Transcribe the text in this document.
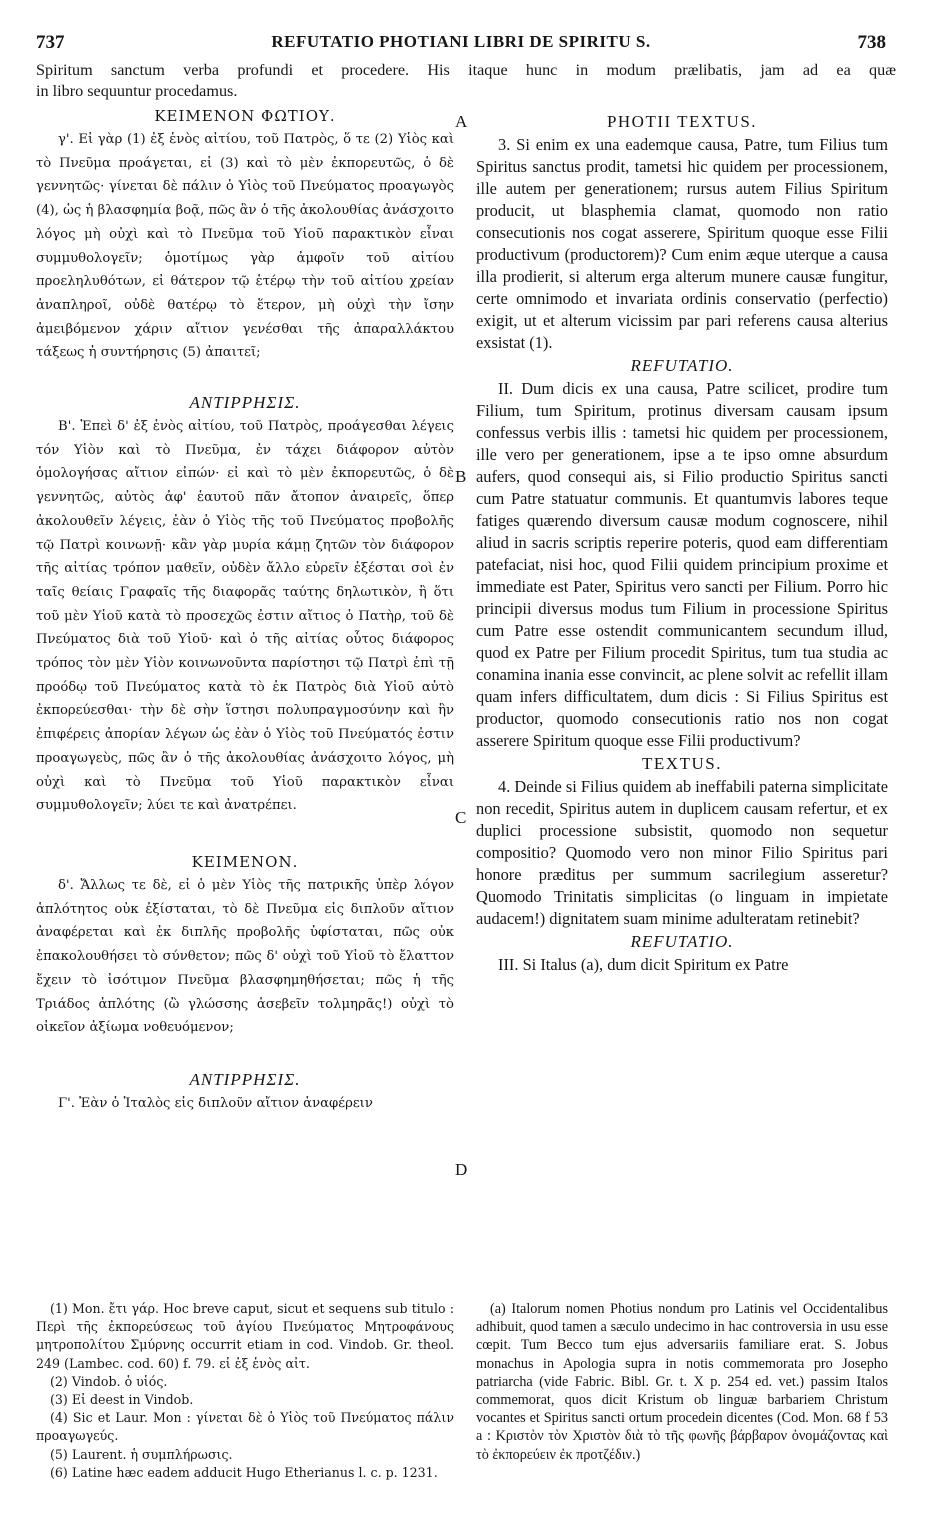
737	REFUTATIO PHOTIANI LIBRI DE SPIRITU S.	738
Spiritum sanctum verba profundi et procedere. His itaque hunc in modum prælibatis, jam ad ea quæ
in libro sequuntur procedamus.
ΚΕΙΜΕΝΟΝ ΦΩΤΙΟΥ.

γ'. Εἰ γὰρ (1) ἐξ ἑνὸς αἰτίου, τοῦ Πατρὸς, ὅ τε (2) Υἱὸς καὶ τὸ Πνεῦμα προάγεται, εἰ (3) καὶ τὸ μὲν ἐκπορευτῶς, ὁ δὲ γεννητῶς· γίνεται δὲ πάλιν ὁ Υἱὸς τοῦ Πνεύματος προαγωγὸς (4), ὡς ἡ βλασφημία βοᾷ, πῶς ἂν ὁ τῆς ἀκολουθίας ἀνάσχοιτο λόγος μὴ οὐχὶ καὶ τὸ Πνεῦμα τοῦ Υἱοῦ παρακτικὸν εἶναι συμμυθολογεῖν; ὁμοτίμως γὰρ ἀμφοῖν τοῦ αἰτίου προεληλυθότων, εἰ θάτερον τῷ ἑτέρῳ τὴν τοῦ αἰτίου χρείαν ἀναπληροῖ, οὐδὲ θατέρῳ τὸ ἕτερον, μὴ οὐχὶ τὴν ἴσην ἀμειβόμενον χάριν αἴτιον γενέσθαι τῆς ἀπαραλλάκτου τάξεως ἡ συντήρησις (5) ἀπαιτεῖ;

ΑΝΤΙΡΡΗΣΙΣ.

Β'. Ἐπεὶ δ' ἐξ ἑνὸς αἰτίου, τοῦ Πατρὸς, προάγεσθαι λέγεις τόν Υἱὸν καὶ τὸ Πνεῦμα, ἐν τάχει διάφορον αὐτὸν ὁμολογήσας αἴτιον εἰπών· εἰ καὶ τὸ μὲν ἐκπορευτῶς, ὁ δὲ γεννητῶς, αὐτὸς ἀφ' ἑαυτοῦ πᾶν ἄτοπον ἀναιρεῖς, ὅπερ ἀκολουθεῖν λέγεις, ἐὰν ὁ Υἱὸς τῆς τοῦ Πνεύματος προβολῆς τῷ Πατρὶ κοινωνῇ· κἂν γὰρ μυρία κάμῃ ζητῶν τὸν διάφορον τῆς αἰτίας τρόπον μαθεῖν, οὐδὲν ἄλλο εὑρεῖν ἐξέσται σοὶ ἐν ταῖς θείαις Γραφαῖς τῆς διαφορᾶς ταύτης δηλωτικὸν, ἢ ὅτι τοῦ μὲν Υἱοῦ κατὰ τὸ προσεχῶς ἐστιν αἴτιος ὁ Πατὴρ, τοῦ δὲ Πνεύματος διὰ τοῦ Υἱοῦ· καὶ ὁ τῆς αἰτίας οὗτος διάφορος τρόπος τὸν μὲν Υἱὸν κοινωνοῦντα παρίστησι τῷ Πατρὶ ἐπὶ τῇ προόδῳ τοῦ Πνεύματος κατὰ τὸ ἐκ Πατρὸς διὰ Υἱοῦ αὐτὸ ἐκπορεύεσθαι· τὴν δὲ σὴν ἵστησι πολυπραγμοσύνην καὶ ἣν ἐπιφέρεις ἀπορίαν λέγων ὡς ἐὰν ὁ Υἱὸς τοῦ Πνεύματός ἐστιν προαγωγεὺς, πῶς ἂν ὁ τῆς ἀκολουθίας ἀνάσχοιτο λόγος, μὴ οὐχὶ καὶ τὸ Πνεῦμα τοῦ Υἱοῦ παρακτικὸν εἶναι συμμυθολογεῖν; λύει τε καὶ ἀνατρέπει.

ΚΕΙΜΕΝΟΝ.

δ'. Ἄλλως τε δὲ, εἰ ὁ μὲν Υἱὸς τῆς πατρικῆς ὑπὲρ λόγον ἁπλότητος οὐκ ἐξίσταται, τὸ δὲ Πνεῦμα εἰς διπλοῦν αἴτιον ἀναφέρεται καὶ ἐκ διπλῆς προβολῆς ὑφίσταται, πῶς οὐκ ἐπακολουθήσει τὸ σύνθετον; πῶς δ' οὐχὶ τοῦ Υἱοῦ τὸ ἔλαττον ἔχειν τὸ ἰσότιμον Πνεῦμα βλασφημηθήσεται; πῶς ἡ τῆς Τριάδος ἁπλότης (ὢ γλώσσης ἀσεβεῖν τολμηρᾶς!) οὐχὶ τὸ οἰκεῖον ἀξίωμα νοθευόμενον;

ΑΝΤΙΡΡΗΣΙΣ.

Γ'. Ἐὰν ὁ Ἰταλὸς εἰς διπλοῦν αἴτιον ἀναφέρειν

A
B
C
D
PHOTII TEXTUS.

3. Si enim ex una eademque causa, Patre, tum Filius tum Spiritus sanctus prodit, tametsi hic quidem per processionem, ille autem per generationem; rursus autem Filius Spiritum producit, ut blasphemia clamat, quomodo non ratio consecutionis nos cogat asserere, Spiritum quoque esse Filii productivum (productorem)? Cum enim æque uterque a causa illa prodierit, si alterum erga alterum munere causæ fungitur, certe omnimodo et invariata ordinis conservatio (perfectio) exigit, ut et alterum vicissim par pari referens causa alterius exsistat (1).

REFUTATIO.

II. Dum dicis ex una causa, Patre scilicet, prodire tum Filium, tum Spiritum, protinus diversam causam ipsum confessus verbis illis : tametsi hic quidem per processionem, ille vero per generationem, ipse a te ipso omne absurdum aufers, quod consequi ais, si Filio productio Spiritus sancti cum Patre statuatur communis. Et quantumvis labores teque fatiges quærendo diversum causæ modum cognoscere, nihil aliud in sacris scriptis reperire poteris, quod eam differentiam patefaciat, nisi hoc, quod Filii quidem principium proxime et immediate est Pater, Spiritus vero sancti per Filium. Porro hic principii diversus modus tum Filium in processione Spiritus cum Patre esse ostendit communicantem secundum illud, quod ex Patre per Filium procedit Spiritus, tum tua studia ac conamina inania esse convincit, ac plene solvit ac refellit illam quam infers difficultatem, dum dicis : Si Filius Spiritus est productor, quomodo consecutionis ratio nos non cogat asserere Spiritum quoque esse Filii productivum?

TEXTUS.

4. Deinde si Filius quidem ab ineffabili paterna simplicitate non recedit, Spiritus autem in duplicem causam refertur, et ex duplici processione subsistit, quomodo non sequetur compositio? Quomodo vero non minor Filio Spiritus pari honore præditus per summum sacrilegium asseretur? Quomodo Trinitatis simplicitas (o linguam in impietate audacem!) dignitatem suam minime adulteratam retinebit?

REFUTATIO.

III. Si Italus (a), dum dicit Spiritum ex Patre

(1) Mon. ἔτι γάρ. Hoc breve caput, sicut et sequens sub titulo : Περὶ τῆς ἐκπορεύσεως τοῦ ἁγίου Πνεύματος Μητροφάνους μητροπολίτου Σμύρνης occurrit etiam in cod. Vindob. Gr. theol. 249 (Lambec. cod. 60) f. 79. εἰ ἐξ ἑνὸς αἰτ.

(2) Vindob. ὁ υἱός.

(3) Εἰ deest in Vindob.

(4) Sic et Laur. Mon : γίνεται δὲ ὁ Υἱὸς τοῦ Πνεύματος πάλιν προαγωγεύς.

(5) Laurent. ἡ συμπλήρωσις.

(6) Latine hæc eadem adducit Hugo Etherianus l. c. p. 1231.

(a) Italorum nomen Photius nondum pro Latinis vel Occidentalibus adhibuit, quod tamen a sæculo undecimo in hac controversia in usu esse cœpit. Tum Becco tum ejus adversariis familiare erat. S. Jobus monachus in Apologia supra in notis commemorata pro Josepho patriarcha (vide Fabric. Bibl. Gr. t. X p. 254 ed. vet.) passim Italos commemorat, quos dicit Kristum ob linguæ barbariem Christum vocantes et Spiritus sancti ortum procedein dicentes (Cod. Mon. 68 f 53 a : Κριστὸν τὸν Χριστὸν διὰ τὸ τῆς φωνῆς βάρβαρον ὀνομάζοντας καὶ τὸ ἐκπορεύειν ἐκ προτζέδιν.)
